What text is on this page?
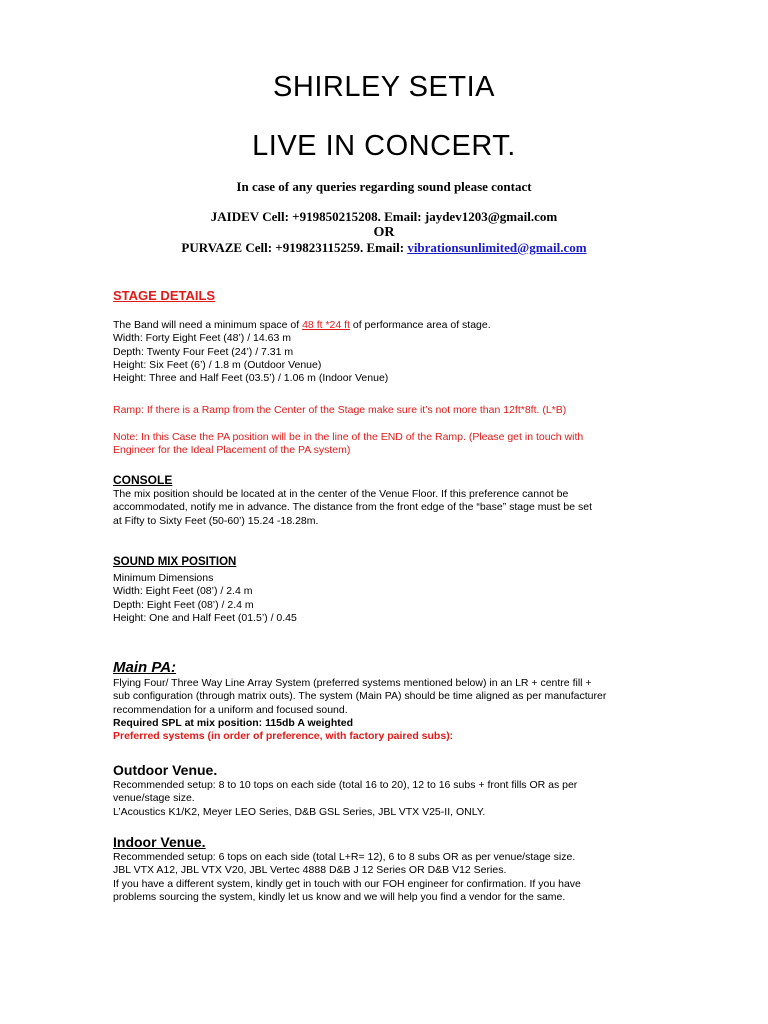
SHIRLEY SETIA
LIVE IN CONCERT.
In case of any queries regarding sound please contact
JAIDEV Cell: +919850215208. Email: jaydev1203@gmail.com
OR
PURVAZE Cell: +919823115259. Email: vibrationsunlimited@gmail.com
STAGE DETAILS
The Band will need a minimum space of 48 ft *24 ft of performance area of stage.
Width: Forty Eight Feet (48’) / 14.63 m
Depth: Twenty Four Feet (24’) / 7.31 m
Height: Six Feet (6’) / 1.8 m (Outdoor Venue)
Height: Three and Half Feet (03.5’) / 1.06 m (Indoor Venue)
Ramp: If there is a Ramp from the Center of the Stage make sure it’s not more than 12ft*8ft. (L*B)
Note: In this Case the PA position will be in the line of the END of the Ramp. (Please get in touch with
Engineer for the Ideal Placement of the PA system)
CONSOLE
The mix position should be located at in the center of the Venue Floor. If this preference cannot be
accommodated, notify me in advance. The distance from the front edge of the “base” stage must be set
at Fifty to Sixty Feet (50-60’) 15.24 -18.28m.
SOUND MIX POSITION
Minimum Dimensions
Width: Eight Feet (08’) / 2.4 m
Depth: Eight Feet (08’) / 2.4 m
Height: One and Half Feet (01.5’) / 0.45
Main PA:
Flying Four/ Three Way Line Array System (preferred systems mentioned below) in an LR + centre fill +
sub configuration (through matrix outs). The system (Main PA) should be time aligned as per manufacturer
recommendation for a uniform and focused sound.
Required SPL at mix position: 115db A weighted
Preferred systems (in order of preference, with factory paired subs):
Outdoor Venue.
Recommended setup: 8 to 10 tops on each side (total 16 to 20), 12 to 16 subs + front fills OR as per
venue/stage size.
L’Acoustics K1/K2, Meyer LEO Series, D&B GSL Series, JBL VTX V25-II, ONLY.
Indoor Venue.
Recommended setup: 6 tops on each side (total L+R= 12), 6 to 8 subs OR as per venue/stage size.
JBL VTX A12, JBL VTX V20, JBL Vertec 4888 D&B J 12 Series OR D&B V12 Series.
If you have a different system, kindly get in touch with our FOH engineer for confirmation. If you have
problems sourcing the system, kindly let us know and we will help you find a vendor for the same.
